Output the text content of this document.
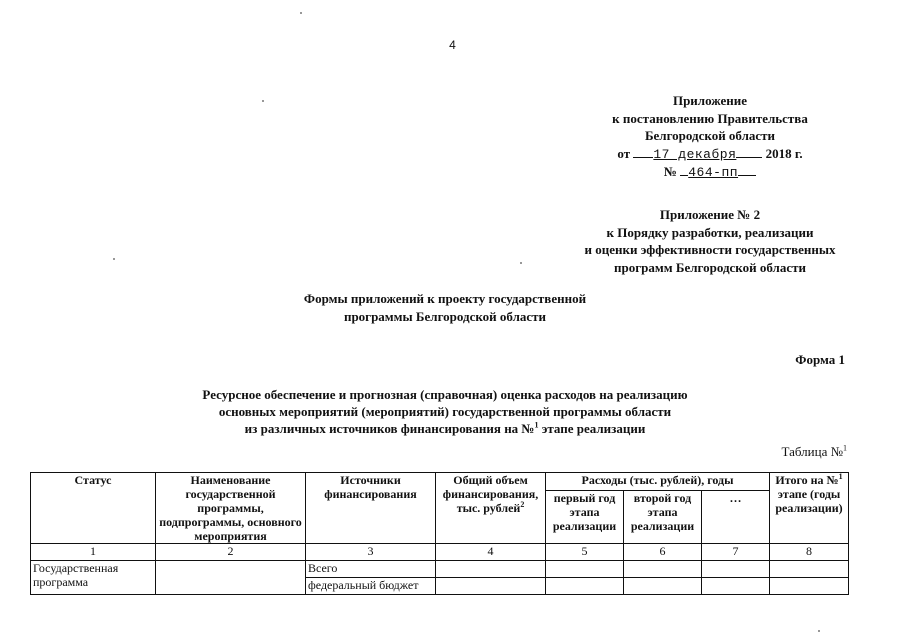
4
Приложение
к постановлению Правительства
Белгородской области
от 17 декабря 2018 г.
№ 464-пп
Приложение № 2
к Порядку разработки, реализации
и оценки эффективности государственных
программ Белгородской области
Формы приложений к проекту государственной
программы Белгородской области
Форма 1
Ресурсное обеспечение и прогнозная (справочная) оценка расходов на реализацию
основных мероприятий (мероприятий) государственной программы области
из различных источников финансирования на №$^1$ этапе реализации
Таблица №$^1$
Статус	Наименование государственной программы, подпрограммы, основного мероприятия	Источники финансирования	Общий объем финансирования, тыс. рублей$^2$	Расходы (тыс. рублей), годы			Итого на №$^1$ этапе (годы реализации)
				первый год этапа реализации	второй год этапа реализации	…	
1	2	3	4	5	6	7	8
Государственная программа		Всего					
		федеральный бюджет					
